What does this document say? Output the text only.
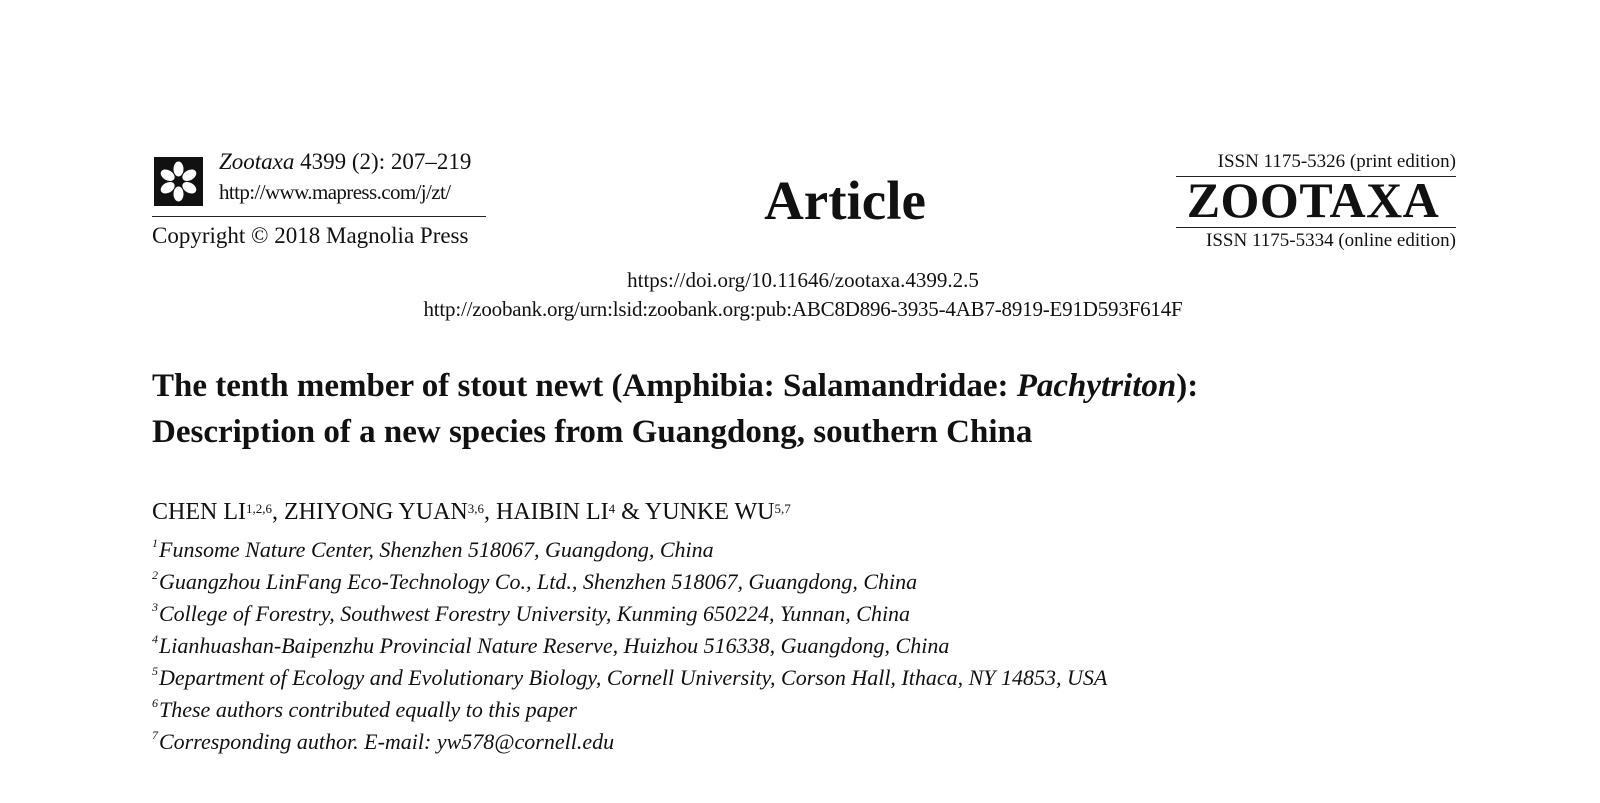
Zootaxa 4399 (2): 207–219
http://www.mapress.com/j/zt/
Copyright © 2018 Magnolia Press
Article
https://doi.org/10.11646/zootaxa.4399.2.5
http://zoobank.org/urn:lsid:zoobank.org:pub:ABC8D896-3935-4AB7-8919-E91D593F614F
ISSN 1175-5326 (print edition)
ZOOTAXA
ISSN 1175-5334 (online edition)
The tenth member of stout newt (Amphibia: Salamandridae: Pachytriton):
Description of a new species from Guangdong, southern China
CHEN LI$^{1,2,6}$, ZHIYONG YUAN$^{3,6}$, HAIBIN $LI^4$ & YUNKE WU$^{5,7}$
$^1$Funsome Nature Center, Shenzhen 518067, Guangdong, China
$^2$Guangzhou LinFang Eco-Technology Co., Ltd., Shenzhen 518067, Guangdong, China
$^3$College of Forestry, Southwest Forestry University, Kunming 650224, Yunnan, China
$^4$Lianhuashan-Baipenzhu Provincial Nature Reserve, Huizhou 516338, Guangdong, China
$^5$Department of Ecology and Evolutionary Biology, Cornell University, Corson Hall, Ithaca, NY 14853, USA
$^6$These authors contributed equally to this paper
$^7$Corresponding author. E-mail: yw578@cornell.edu
